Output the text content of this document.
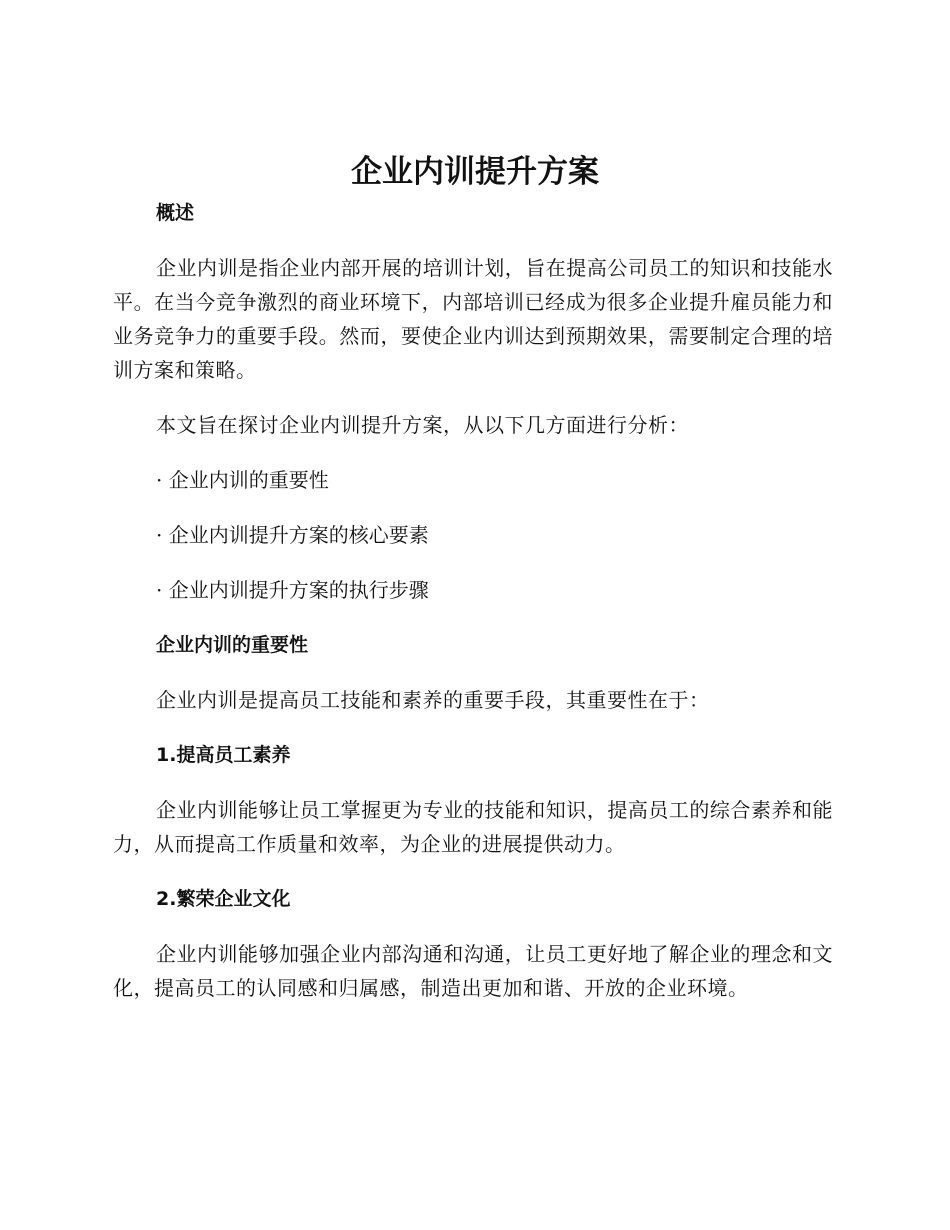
企业内训提升方案
概述

企业内训是指企业内部开展的培训计划，旨在提高公司员工的知识和技能水平。在当今竞争激烈的商业环境下，内部培训已经成为很多企业提升雇员能力和业务竞争力的重要手段。然而，要使企业内训达到预期效果，需要制定合理的培训方案和策略。

本文旨在探讨企业内训提升方案，从以下几方面进行分析：

· 企业内训的重要性
· 企业内训提升方案的核心要素
· 企业内训提升方案的执行步骤
企业内训的重要性

企业内训是提高员工技能和素养的重要手段，其重要性在于：

1.提高员工素养

企业内训能够让员工掌握更为专业的技能和知识，提高员工的综合素养和能力，从而提高工作质量和效率，为企业的进展提供动力。

2.繁荣企业文化

企业内训能够加强企业内部沟通和沟通，让员工更好地了解企业的理念和文化，提高员工的认同感和归属感，制造出更加和谐、开放的企业环境。
